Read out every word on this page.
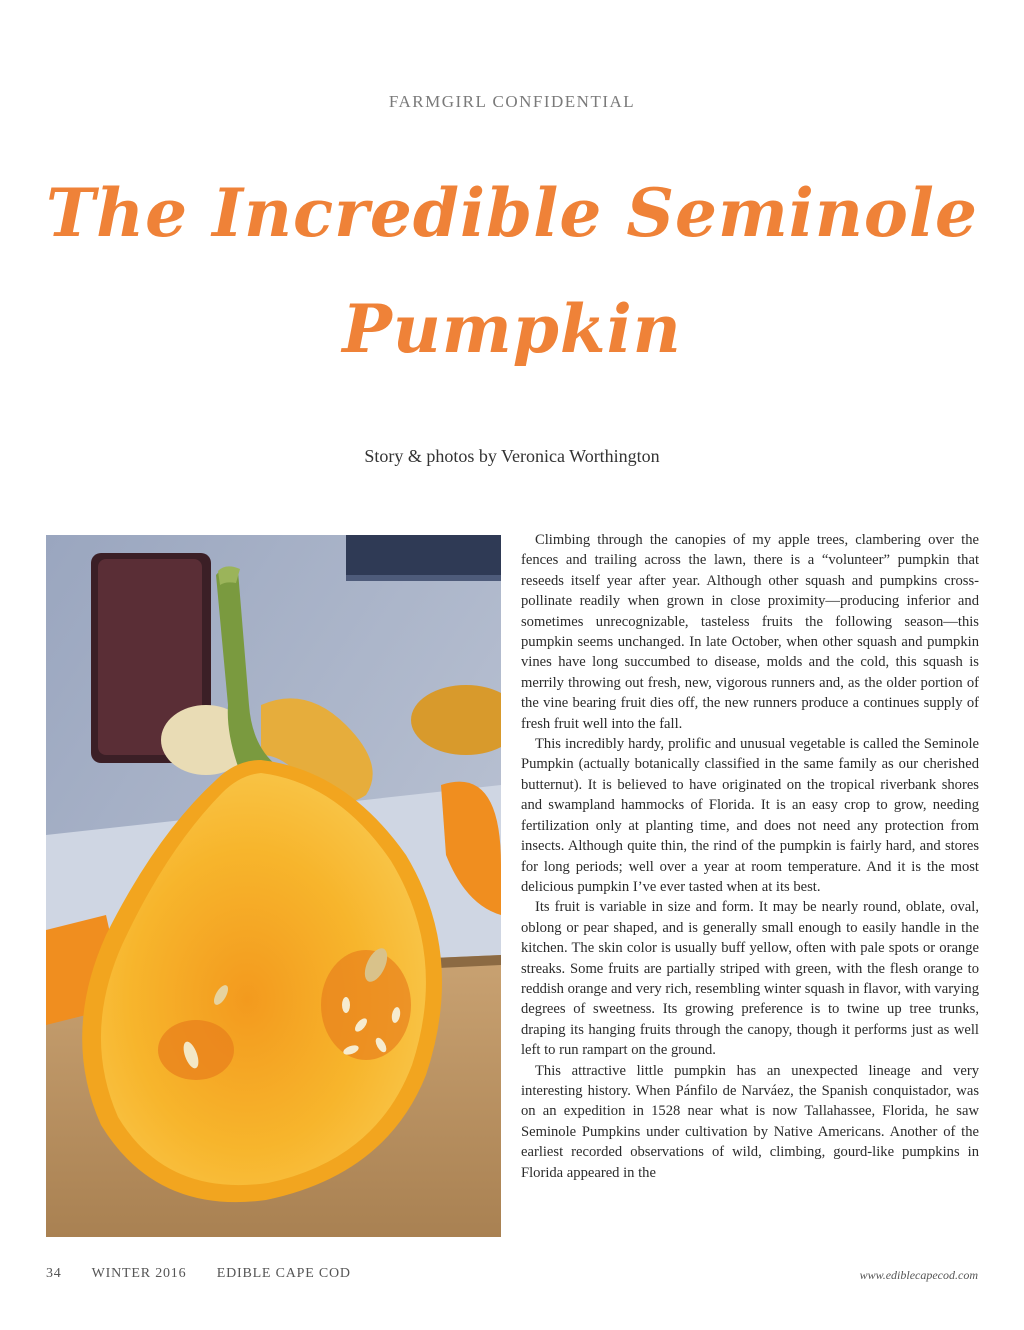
FARMGIRL CONFIDENTIAL
The Incredible Seminole
Pumpkin
Story & photos by Veronica Worthington

Climbing through the canopies of my apple trees, clambering over the fences and trailing across the lawn, there is a “volunteer” pumpkin that reseeds itself year after year. Although other squash and pumpkins cross-pollinate readily when grown in close proximity—producing inferior and sometimes unrecognizable, tasteless fruits the following season—this pumpkin seems unchanged. In late October, when other squash and pumpkin vines have long succumbed to disease, molds and the cold, this squash is merrily throwing out fresh, new, vigorous runners and, as the older portion of the vine bearing fruit dies off, the new runners produce a continues supply of fresh fruit well into the fall.

This incredibly hardy, prolific and unusual vegetable is called the Seminole Pumpkin (actually botanically classified in the same family as our cherished butternut). It is believed to have originated on the tropical riverbank shores and swampland hammocks of Florida. It is an easy crop to grow, needing fertilization only at planting time, and does not need any protection from insects. Although quite thin, the rind of the pumpkin is fairly hard, and stores for long periods; well over a year at room temperature. And it is the most delicious pumpkin I’ve ever tasted when at its best.

Its fruit is variable in size and form. It may be nearly round, oblate, oval, oblong or pear shaped, and is generally small enough to easily handle in the kitchen. The skin color is usually buff yellow, often with pale spots or orange streaks. Some fruits are partially striped with green, with the flesh orange to reddish orange and very rich, resembling winter squash in flavor, with varying degrees of sweetness. Its growing preference is to twine up tree trunks, draping its hanging fruits through the canopy, though it performs just as well left to run rampart on the ground.

This attractive little pumpkin has an unexpected lineage and very interesting history. When Pánfilo de Narváez, the Spanish conquistador, was on an expedition in 1528 near what is now Tallahassee, Florida, he saw Seminole Pumpkins under cultivation by Native Americans. Another of the earliest recorded observations of wild, climbing, gourd-like pumpkins in Florida appeared in the

34 WINTER 2016 EDIBLE CAPE COD	www.ediblecapecod.com
